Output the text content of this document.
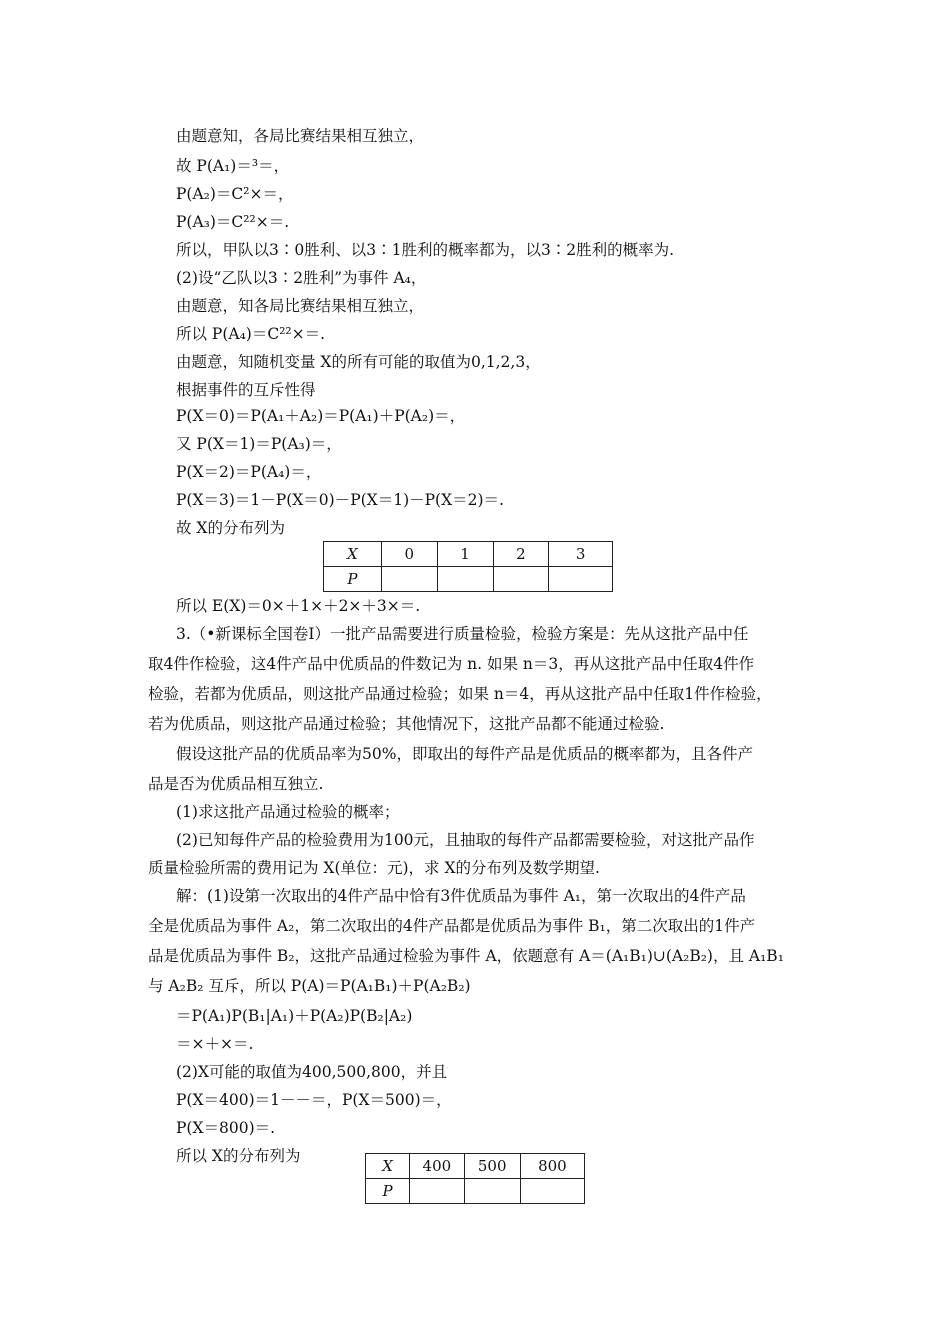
由题意知，各局比赛结果相互独立，
故 P(A₁)＝³＝，
P(A₂)＝C²×＝，
P(A₃)＝C²²×＝.
所以，甲队以3∶0胜利、以3∶1胜利的概率都为，以3∶2胜利的概率为.
(2)设“乙队以3∶2胜利”为事件 A₄，
由题意，知各局比赛结果相互独立，
所以 P(A₄)＝C²²×＝.
由题意，知随机变量 X的所有可能的取值为0,1,2,3，
根据事件的互斥性得
P(X＝0)＝P(A₁＋A₂)＝P(A₁)＋P(A₂)＝，
又 P(X＝1)＝P(A₃)＝，
P(X＝2)＝P(A₄)＝，
P(X＝3)＝1－P(X＝0)－P(X＝1)－P(X＝2)＝.
故 X的分布列为
X	0	1	2	3
P				
所以 E(X)＝0×＋1×＋2×＋3×＝.
3.（•新课标全国卷Ⅰ）一批产品需要进行质量检验，检验方案是：先从这批产品中任
取4件作检验，这4件产品中优质品的件数记为 n. 如果 n＝3，再从这批产品中任取4件作
检验，若都为优质品，则这批产品通过检验；如果 n＝4，再从这批产品中任取1件作检验，
若为优质品，则这批产品通过检验；其他情况下，这批产品都不能通过检验.
假设这批产品的优质品率为50%，即取出的每件产品是优质品的概率都为，且各件产
品是否为优质品相互独立.
(1)求这批产品通过检验的概率；
(2)已知每件产品的检验费用为100元，且抽取的每件产品都需要检验，对这批产品作
质量检验所需的费用记为 X(单位：元)，求 X的分布列及数学期望.
解：(1)设第一次取出的4件产品中恰有3件优质品为事件 A₁，第一次取出的4件产品
全是优质品为事件 A₂，第二次取出的4件产品都是优质品为事件 B₁，第二次取出的1件产
品是优质品为事件 B₂，这批产品通过检验为事件 A，依题意有 A＝(A₁B₁)∪(A₂B₂)，且 A₁B₁
与 A₂B₂ 互斥，所以 P(A)＝P(A₁B₁)＋P(A₂B₂)
＝P(A₁)P(B₁|A₁)＋P(A₂)P(B₂|A₂)
＝×＋×＝.
(2)X可能的取值为400,500,800，并且
P(X＝400)＝1－－＝，P(X＝500)＝，
P(X＝800)＝.
所以 X的分布列为
X	400	500	800
P			
